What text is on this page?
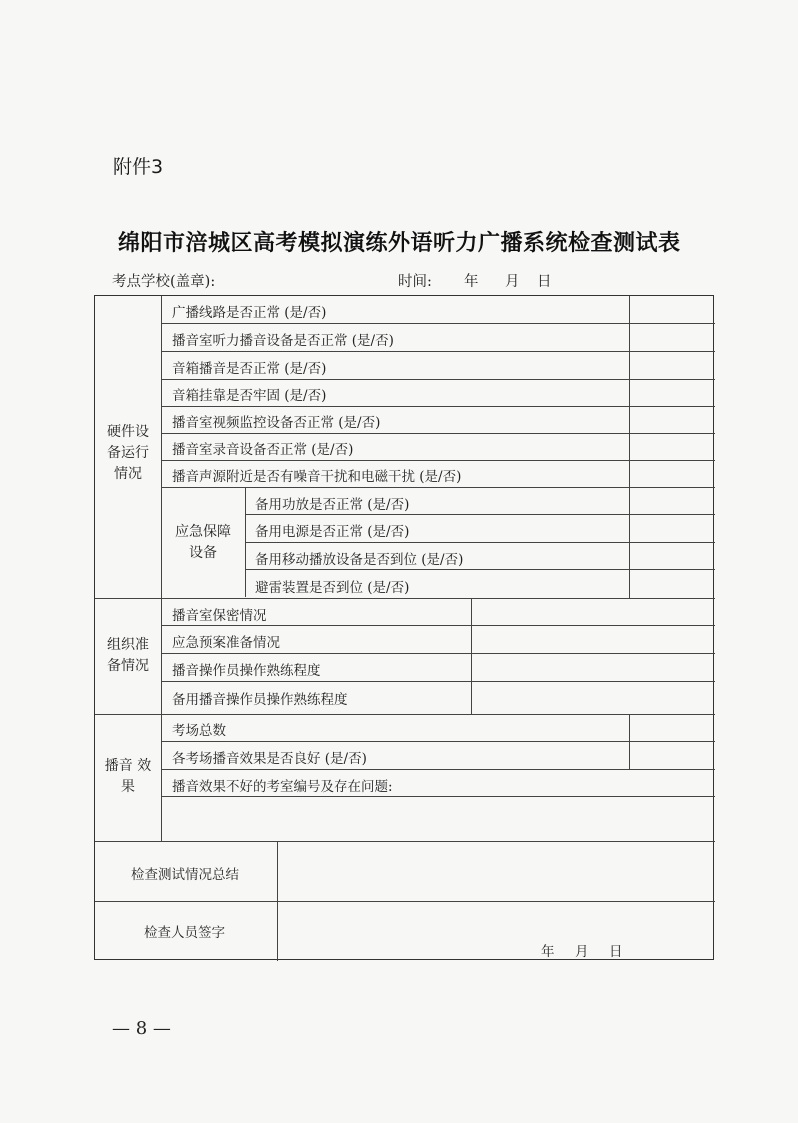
附件3
绵阳市涪城区高考模拟演练外语听力广播系统检查测试表
考点学校(盖章):	时间: 年 月 日
硬件设
备运行
情况
广播线路是否正常 (是/否)
播音室听力播音设备是否正常 (是/否)
音箱播音是否正常 (是/否)
音箱挂靠是否牢固 (是/否)
播音室视频监控设备否正常 (是/否)
播音室录音设备否正常 (是/否)
播音声源附近是否有噪音干扰和电磁干扰 (是/否)
应急保障
设备
备用功放是否正常 (是/否)
备用电源是否正常 (是/否)
备用移动播放设备是否到位 (是/否)
避雷装置是否到位 (是/否)
组织准
备情况
播音室保密情况
应急预案准备情况
播音操作员操作熟练程度
备用播音操作员操作熟练程度
播音 效
果
考场总数
各考场播音效果是否良好 (是/否)
播音效果不好的考室编号及存在问题:
检查测试情况总结
检查人员签字
年 月 日
— 8 —
